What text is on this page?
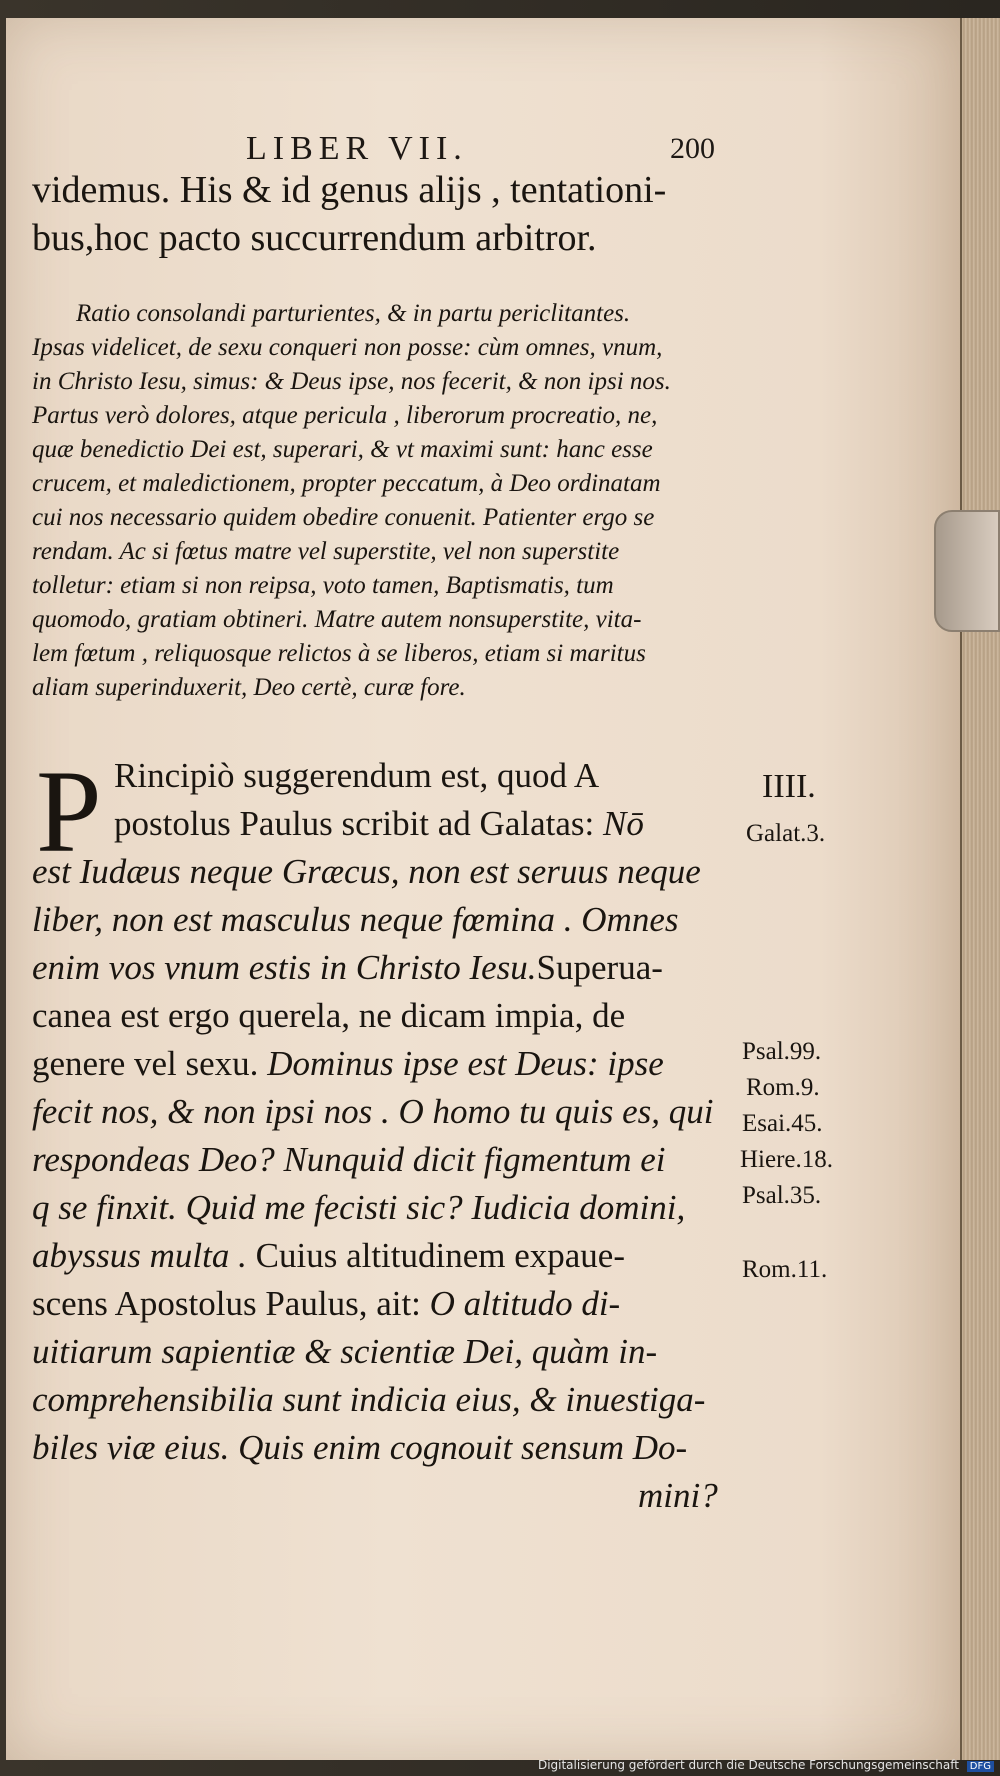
LIBER VII.	200
videmus. His & id genus alijs , tentationi-
bus,hoc pacto succurrendum arbitror.
Ratio consolandi parturientes, & in partu periclitantes.
Ipsas videlicet, de sexu conqueri non posse: cùm omnes, vnum,
in Christo Iesu, simus: & Deus ipse, nos fecerit, & non ipsi nos.
Partus verò dolores, atque pericula , liberorum procreatio, ne,
quæ benedictio Dei est, superari, & vt maximi sunt: hanc esse
crucem, et maledictionem, propter peccatum, à Deo ordinatam
cui nos necessario quidem obedire conuenit. Patienter ergo se
rendam. Ac si fœtus matre vel superstite, vel non superstite
tolletur: etiam si non reipsa, voto tamen, Baptismatis, tum
quomodo, gratiam obtineri. Matre autem nonsuperstite, vita-
lem fœtum , reliquosque relictos à se liberos, etiam si maritus
aliam superinduxerit, Deo certè, curæ fore.
P Rincipiò suggerendum est, quod A
postolus Paulus scribit ad Galatas: Nō
est Iudæus neque Græcus, non est seruus neque
liber, non est masculus neque fœmina . Omnes
enim vos vnum estis in Christo Iesu.Superua-
canea est ergo querela, ne dicam impia, de
genere vel sexu. Dominus ipse est Deus: ipse
fecit nos, & non ipsi nos . O homo tu quis es, qui
respondeas Deo? Nunquid dicit figmentum ei
q se finxit. Quid me fecisti sic? Iudicia domini,
abyssus multa . Cuius altitudinem expaue-
scens Apostolus Paulus, ait: O altitudo di-
uitiarum sapientiæ & scientiæ Dei, quàm in-
comprehensibilia sunt indicia eius, & inuestiga-
biles viæ eius. Quis enim cognouit sensum Do-
mini?
IIII.
Galat.3.
Psal.99.
Rom.9.
Esai.45.
Hiere.18.
Psal.35.
Rom.11.
Digitalisierung gefördert durch die Deutsche Forschungsgemeinschaft DFG
